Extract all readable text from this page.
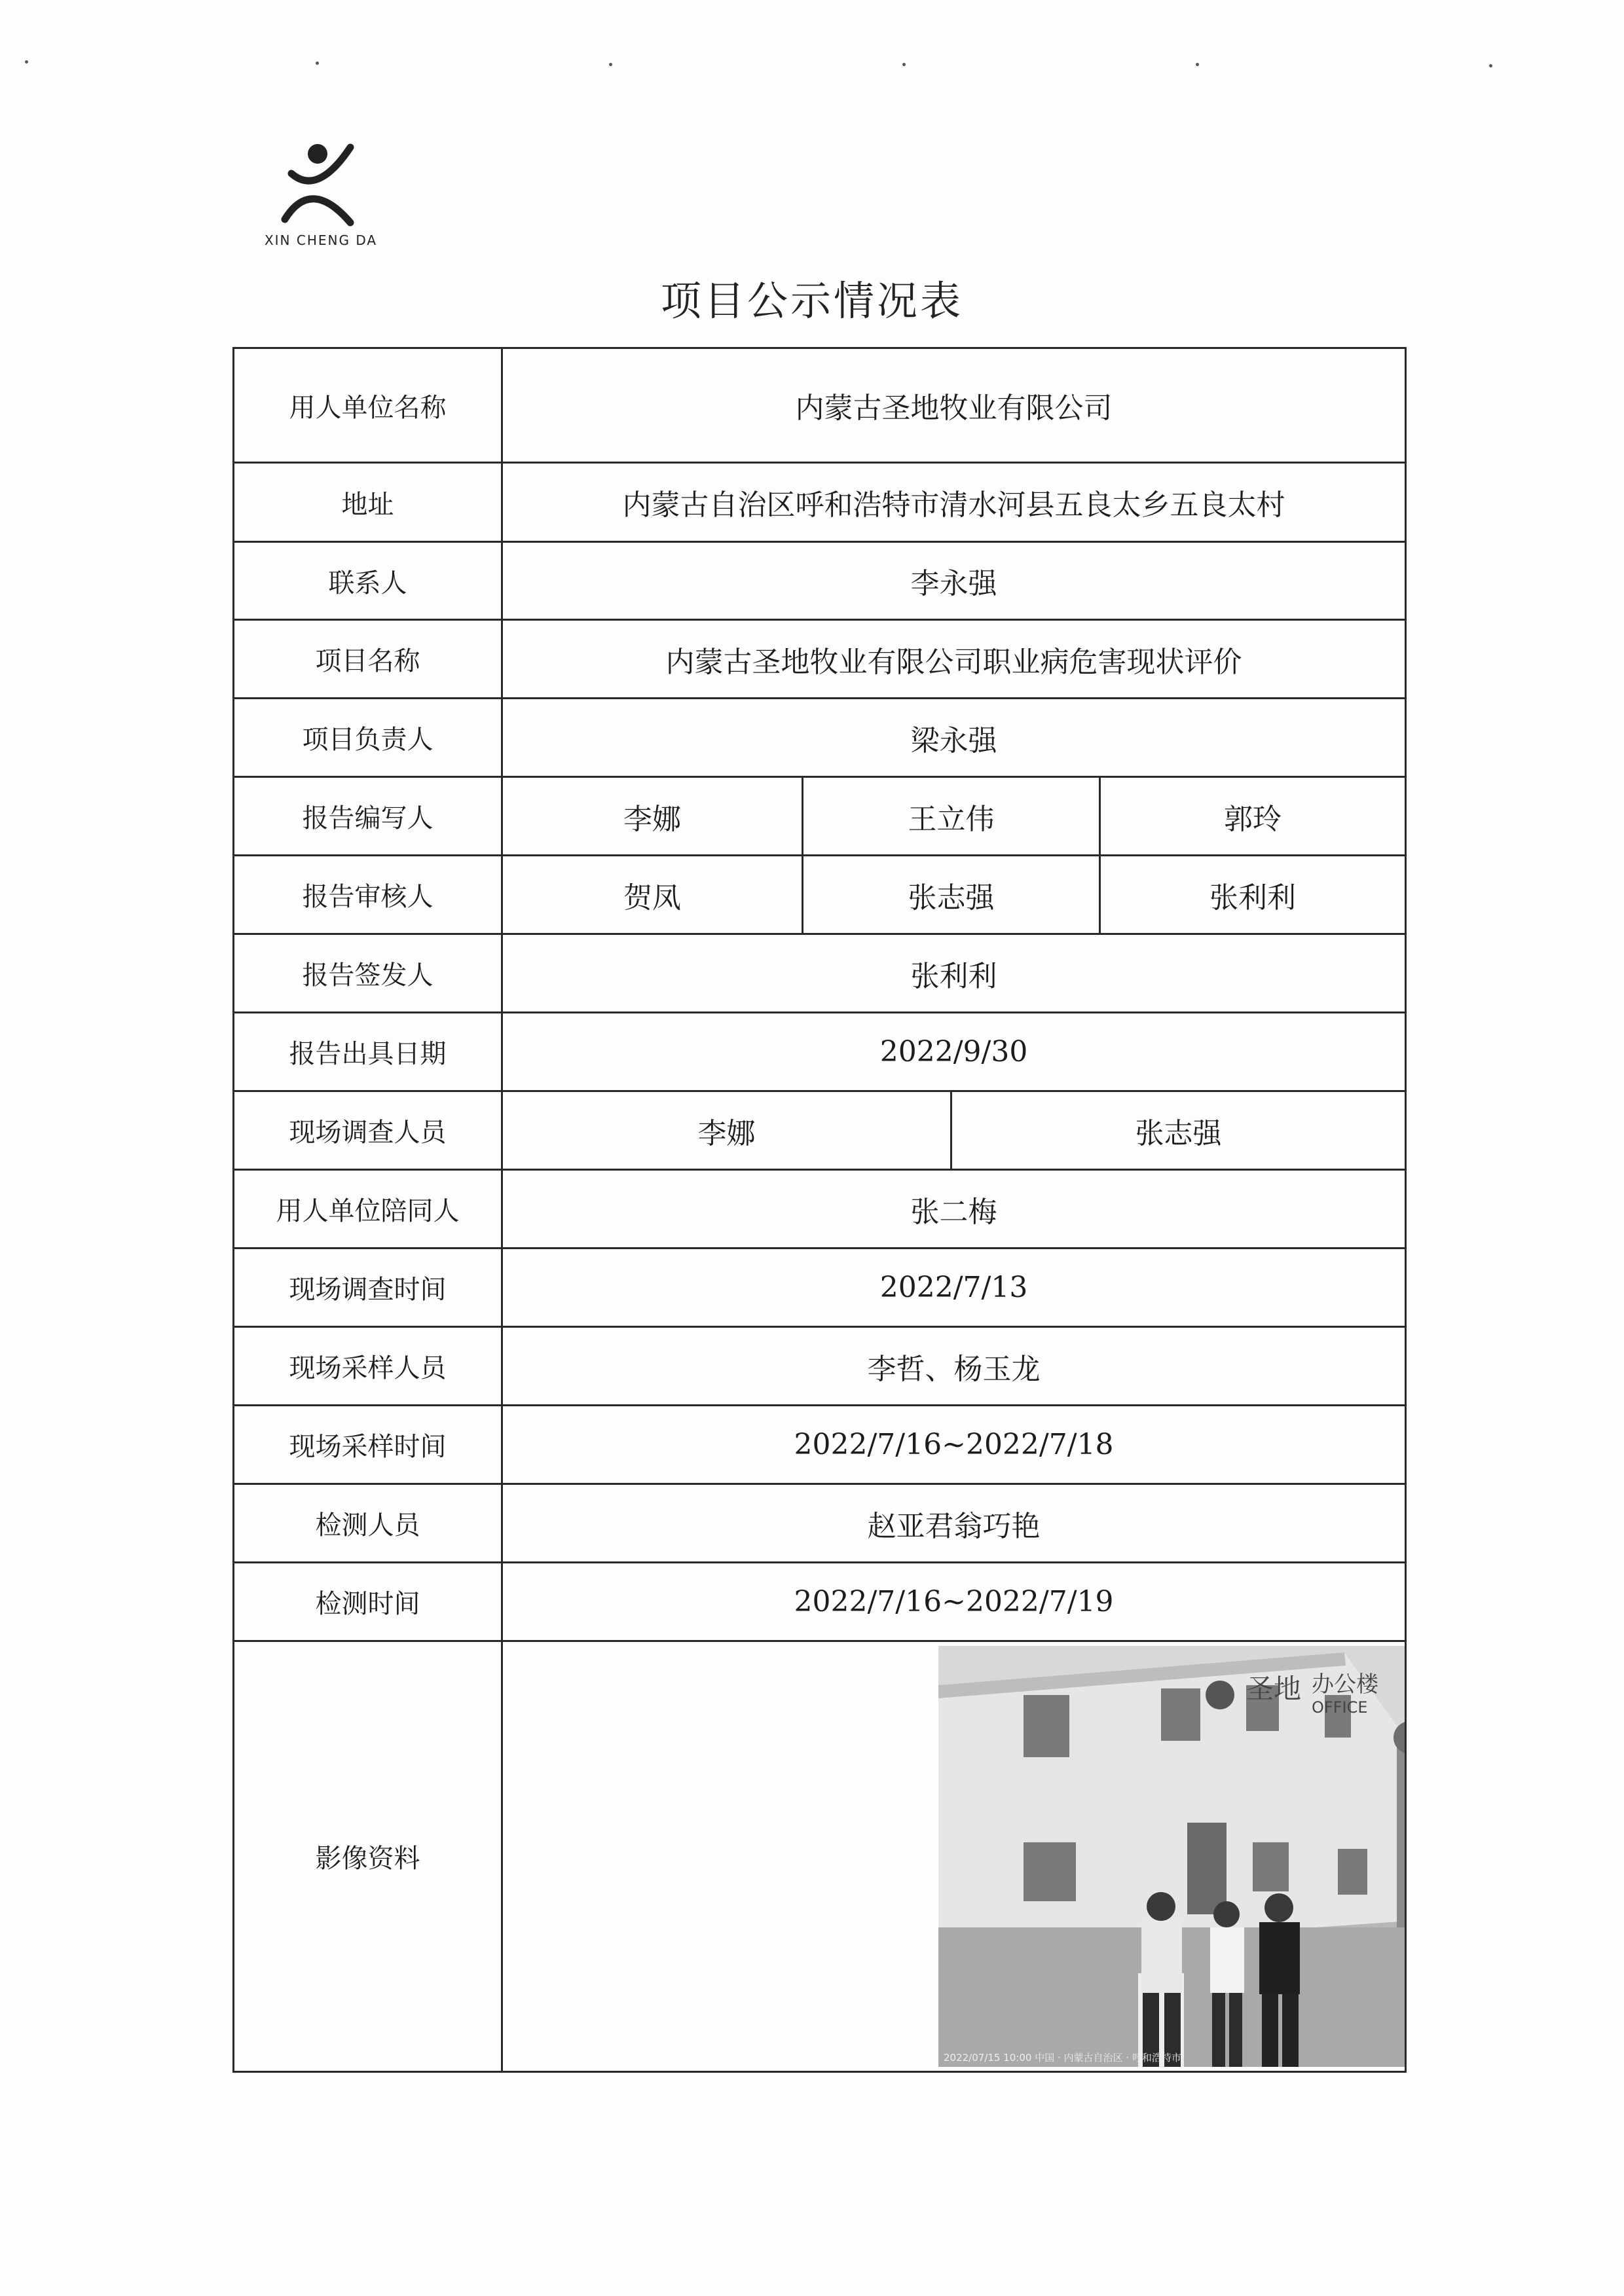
XIN CHENG DA
项目公示情况表
用人单位名称	内蒙古圣地牧业有限公司			
地址	内蒙古自治区呼和浩特市清水河县五良太乡五良太村			
联系人	李永强			
项目名称	内蒙古圣地牧业有限公司职业病危害现状评价			
项目负责人	梁永强			
报告编写人	李娜	王立伟		郭玲
报告审核人	贺凤	张志强		张利利
报告签发人	张利利			
报告出具日期	2022/9/30			
现场调查人员	李娜		张志强	
用人单位陪同人	张二梅			
现场调查时间	2022/7/13			
现场采样人员	李哲、杨玉龙			
现场采样时间	2022/7/16~2022/7/18			
检测人员	赵亚君翁巧艳			
检测时间	2022/7/16~2022/7/19			
影像资料	圣地 办公楼
OFFICE
2022/07/15 10:00 中国 · 内蒙古自治区 · 呼和浩特市			
